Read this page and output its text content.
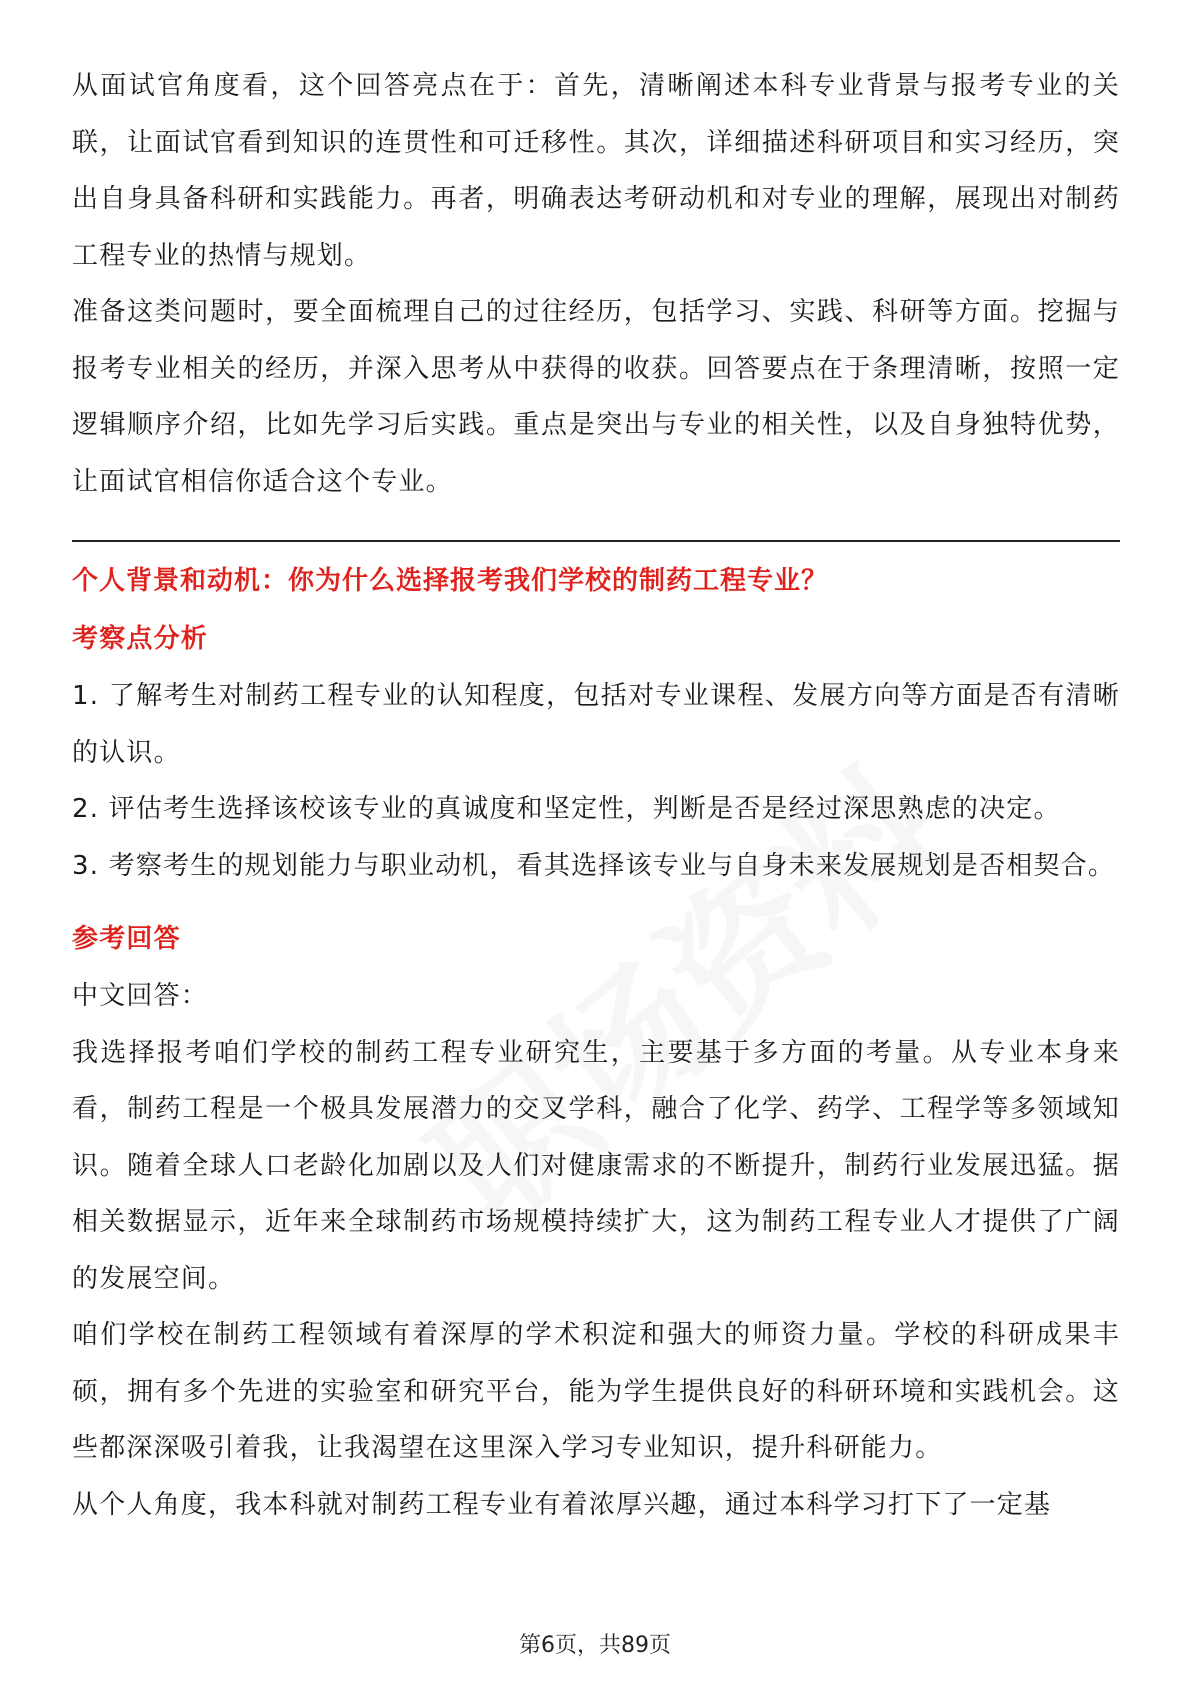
从面试官角度看，这个回答亮点在于：首先，清晰阐述本科专业背景与报考专业的关联，让面试官看到知识的连贯性和可迁移性。其次，详细描述科研项目和实习经历，突出自身具备科研和实践能力。再者，明确表达考研动机和对专业的理解，展现出对制药工程专业的热情与规划。

准备这类问题时，要全面梳理自己的过往经历，包括学习、实践、科研等方面。挖掘与报考专业相关的经历，并深入思考从中获得的收获。回答要点在于条理清晰，按照一定逻辑顺序介绍，比如先学习后实践。重点是突出与专业的相关性，以及自身独特优势，让面试官相信你适合这个专业。

个人背景和动机：你为什么选择报考我们学校的制药工程专业？

考察点分析

1. 了解考生对制药工程专业的认知程度，包括对专业课程、发展方向等方面是否有清晰的认识。

2. 评估考生选择该校该专业的真诚度和坚定性，判断是否是经过深思熟虑的决定。

3. 考察考生的规划能力与职业动机，看其选择该专业与自身未来发展规划是否相契合。

参考回答

中文回答：

我选择报考咱们学校的制药工程专业研究生，主要基于多方面的考量。从专业本身来看，制药工程是一个极具发展潜力的交叉学科，融合了化学、药学、工程学等多领域知识。随着全球人口老龄化加剧以及人们对健康需求的不断提升，制药行业发展迅猛。据相关数据显示，近年来全球制药市场规模持续扩大，这为制药工程专业人才提供了广阔的发展空间。

咱们学校在制药工程领域有着深厚的学术积淀和强大的师资力量。学校的科研成果丰硕，拥有多个先进的实验室和研究平台，能为学生提供良好的科研环境和实践机会。这些都深深吸引着我，让我渴望在这里深入学习专业知识，提升科研能力。

从个人角度，我本科就对制药工程专业有着浓厚兴趣，通过本科学习打下了一定基

第6页，共89页
